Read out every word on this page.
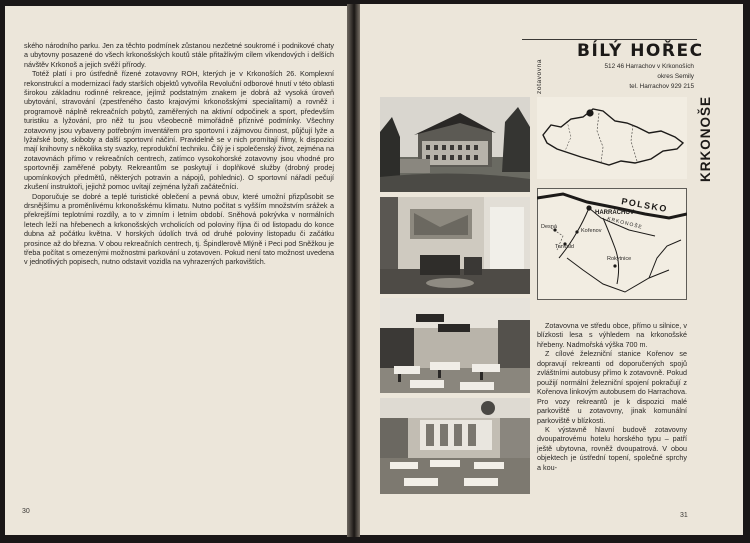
ského národního parku. Jen za těchto podmínek zůstanou nezčetné soukromé i podnikové chaty a ubytovny posazené do všech krkonošských koutů stále přitažlivým cílem víkendových i delších návštěv Krkonoš a jejich svěží přírody.

Totéž platí i pro ústředně řízené zotavovny ROH, kterých je v Krkonoších 26. Komplexní rekonstrukcí a modernizací řady starších objektů vytvořila Revoluční odborové hnutí v této oblasti širokou základnu rodinné rekreace, jejímž podstatným znakem je dobrá až vysoká úroveň ubytování, stravování (zpestřeného často krajovými krkonošskými specialitami) a rovněž i programově náplně rekreačních pobytů, zaměřených na aktivní odpočinek a sport, především turistiku a lyžování, pro něž tu jsou všeobecně mimořádně příznivé podmínky. Všechny zotavovny jsou vybaveny potřebným inventářem pro sportovní i zájmovou činnost, půjčují lyže a lyžařské boty, skiboby a další sportovní náčiní. Pravidelně se v nich promítají filmy, k dispozici mají knihovny s několika sty svazky, reprodukční techniku. Čilý je i společenský život, zejména na zotavovnách přímo v rekreačních centrech, zatímco vysokohorské zotavovny jsou vhodné pro sportovněji zaměřené pobyty. Rekreantům se poskytují i doplňkové služby (drobný prodej upomínkových předmětů, některých potravin a nápojů, pohlednic). O sportovní nářadí pečují zkušení instruktoři, jejichž pomoc uvítají zejména lyžaři začátečníci.

Doporučuje se dobré a teplé turistické oblečení a pevná obuv, které umožní přizpůsobit se drsnějšímu a proměnlivému krkonošskému klimatu. Nutno počítat s vyšším množstvím srážek a překrejšími teplotními rozdíly, a to v zimním i letním období. Sněhová pokrývka v normálních letech leží na hřebenech a krkonošských vrcholicích od poloviny října či od listopadu do konce dubna až počátku května. V horských údolích trvá od druhé poloviny listopadu či začátku prosince až do března. V obou rekreačních centrech, tj. Špindlerově Mlýně i Peci pod Sněžkou je třeba počítat s omezenými možnostmi parkování u zotavoven. Pokud není tato možnost uvedena v jednotlivých popisech, nutno odstavit vozidla na vyhrazených parkovištích.

30
zotavovna
BÍLÝ HOŘEC
512 46 Harrachov v Krkonoších
okres Semily
tel. Harrachov 929 215
KRKONOŠE
POLSKO
KRKONOŠE
HARRACHOV
Kořenov
Desná
Tanvald
Rokytnice

Zotavovna ve středu obce, přímo u silnice, v blízkosti lesa s výhledem na krkonošské hřebeny. Nadmořská výška 700 m.

Z cílové železniční stanice Kořenov se dopravují rekreanti od doporučených spojů zvláštními autobusy přímo k zotavovně. Pokud použijí normální železniční spojení pokračují z Kořenova linkovým autobusem do Harrachova. Pro vozy rekreantů je k dispozici malé parkoviště u zotavovny, jinak komunální parkoviště v blízkosti.

K výstavně hlavní budově zotavovny dvoupatrovému hotelu horského typu – patří ještě ubytovna, rovněž dvoupatrová. V obou objektech je ústřední topení, společné sprchy a kou-

31
